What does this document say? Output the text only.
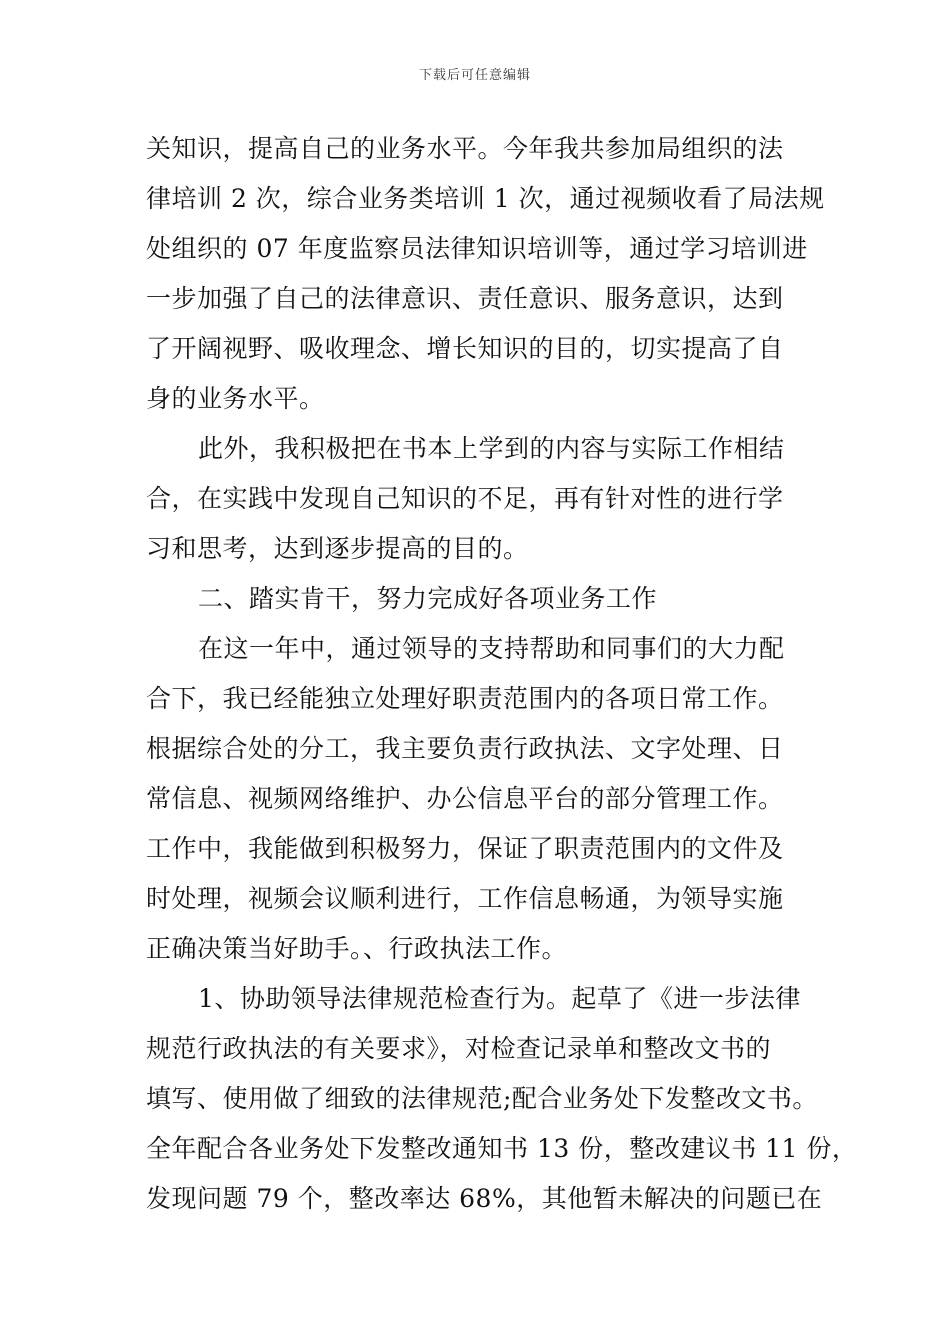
下载后可任意编辑
关知识，提高自己的业务水平。今年我共参加局组织的法
律培训 2 次，综合业务类培训 1 次，通过视频收看了局法规
处组织的 07 年度监察员法律知识培训等，通过学习培训进
一步加强了自己的法律意识、责任意识、服务意识，达到
了开阔视野、吸收理念、增长知识的目的，切实提高了自
身的业务水平。
此外，我积极把在书本上学到的内容与实际工作相结
合，在实践中发现自己知识的不足，再有针对性的进行学
习和思考，达到逐步提高的目的。
二、踏实肯干，努力完成好各项业务工作
在这一年中，通过领导的支持帮助和同事们的大力配
合下，我已经能独立处理好职责范围内的各项日常工作。
根据综合处的分工，我主要负责行政执法、文字处理、日
常信息、视频网络维护、办公信息平台的部分管理工作。
工作中，我能做到积极努力，保证了职责范围内的文件及
时处理，视频会议顺利进行，工作信息畅通，为领导实施
正确决策当好助手。、行政执法工作。
1、协助领导法律规范检查行为。起草了《进一步法律
规范行政执法的有关要求》，对检查记录单和整改文书的
填写、使用做了细致的法律规范;配合业务处下发整改文书。
全年配合各业务处下发整改通知书 13 份，整改建议书 11 份，
发现问题 79 个，整改率达 68%，其他暂未解决的问题已在
